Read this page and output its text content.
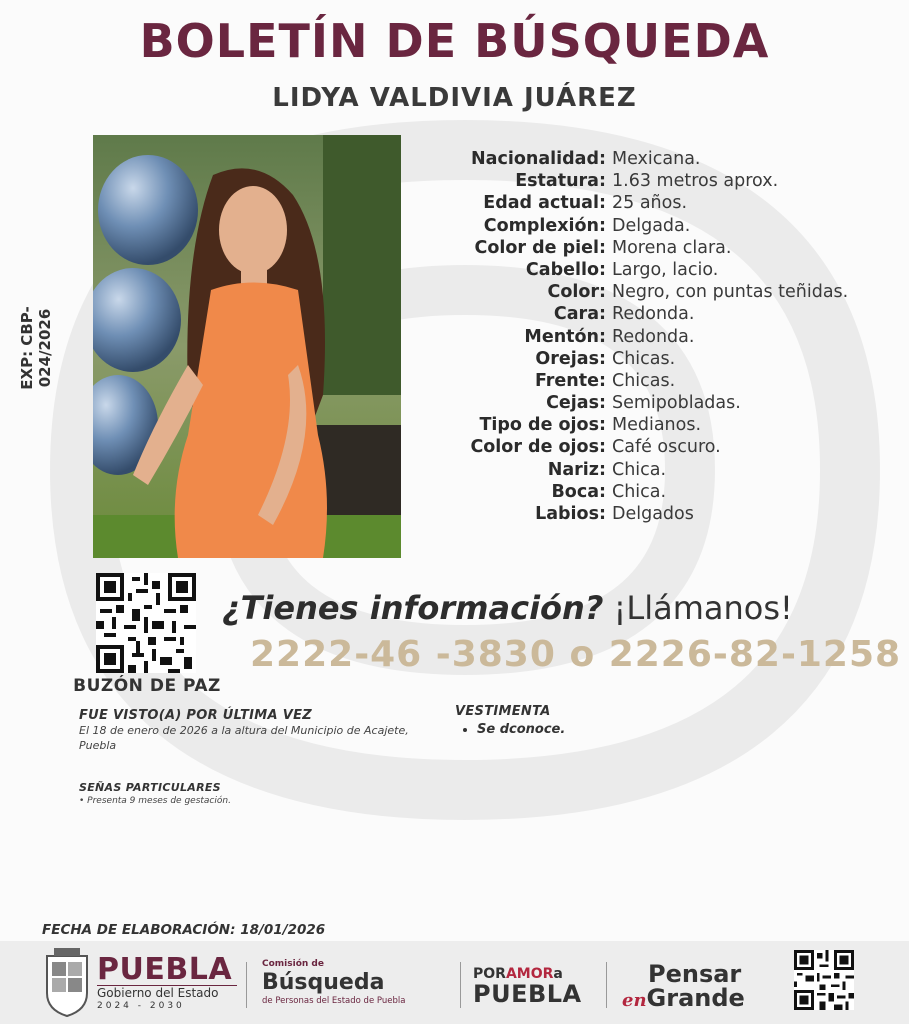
BOLETÍN DE BÚSQUEDA
LIDYA VALDIVIA JUÁREZ
EXP: CBP-024/2026
Nacionalidad: Mexicana.
Estatura: 1.63 metros aprox.
Edad actual: 25 años.
Complexión: Delgada.
Color de piel: Morena clara.
Cabello: Largo, lacio.
Color: Negro, con puntas teñidas.
Cara: Redonda.
Mentón: Redonda.
Orejas: Chicas.
Frente: Chicas.
Cejas: Semipobladas.
Tipo de ojos: Medianos.
Color de ojos: Café oscuro.
Nariz: Chica.
Boca: Chica.
Labios: Delgados
BUZÓN DE PAZ
¿Tienes información? ¡Llámanos!
2222-46 -3830 o 2226-82-1258
FUE VISTO(A) POR ÚLTIMA VEZ
El 18 de enero de 2026 a la altura del Municipio de Acajete, Puebla
VESTIMENTA
• Se dconoce.
SEÑAS PARTICULARES
• Presenta 9 meses de gestación.
FECHA DE ELABORACIÓN: 18/01/2026
PUEBLA
Gobierno del Estado
2024 - 2030
Comisión de
Búsqueda
de Personas del Estado de Puebla
PORAMORa
PUEBLA
Pensar
enGrande
